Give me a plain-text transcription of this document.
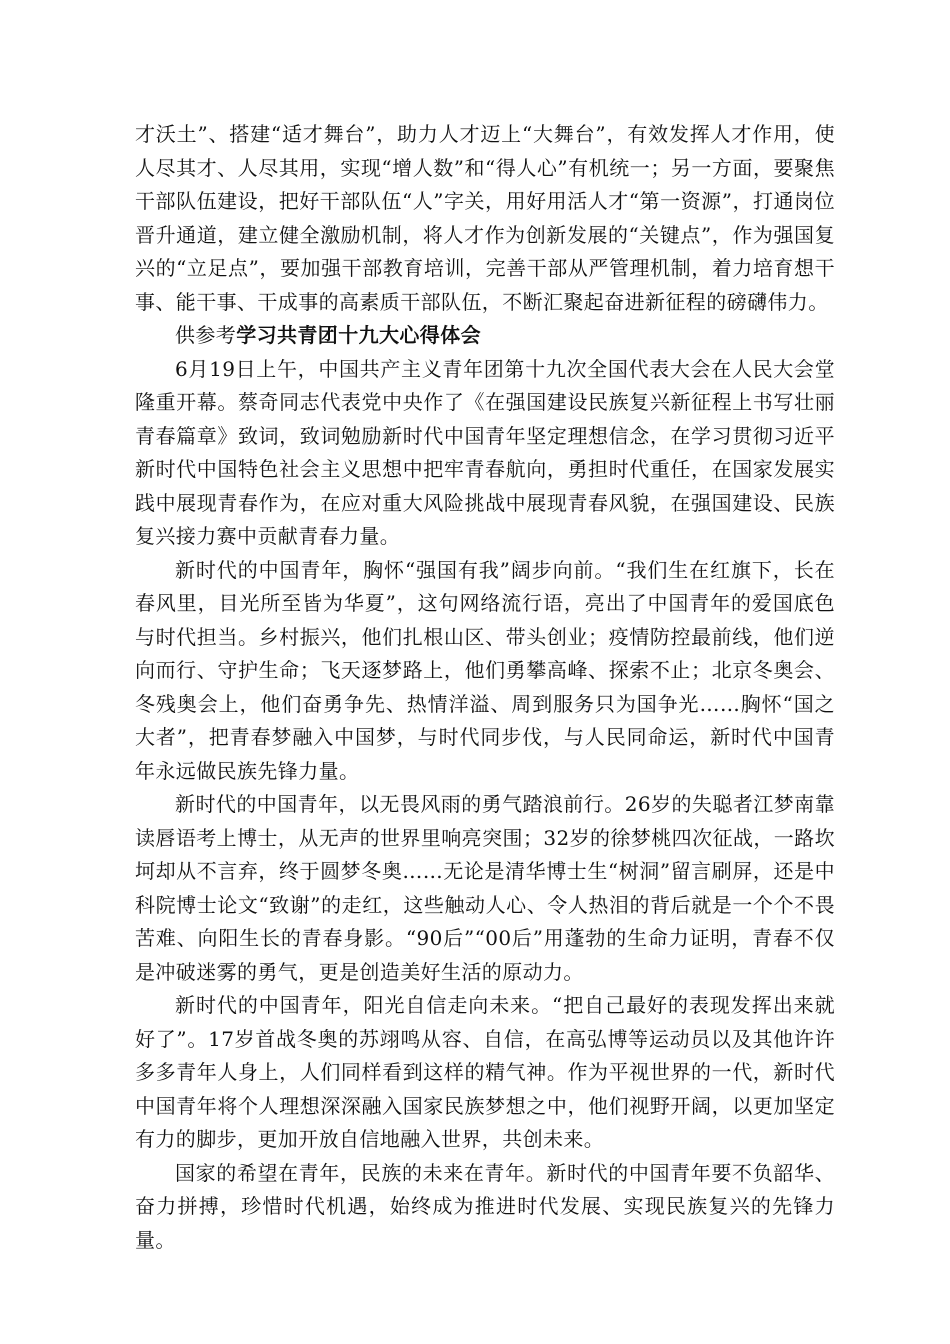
才沃土”、搭建“适才舞台”，助力人才迈上“大舞台”，有效发挥人才作用，使人尽其才、人尽其用，实现“增人数”和“得人心”有机统一；另一方面，要聚焦干部队伍建设，把好干部队伍“人”字关，用好用活人才“第一资源”，打通岗位晋升通道，建立健全激励机制，将人才作为创新发展的“关键点”，作为强国复兴的“立足点”，要加强干部教育培训，完善干部从严管理机制，着力培育想干事、能干事、干成事的高素质干部队伍，不断汇聚起奋进新征程的磅礴伟力。

供参考学习共青团十九大心得体会

6月19日上午，中国共产主义青年团第十九次全国代表大会在人民大会堂隆重开幕。蔡奇同志代表党中央作了《在强国建设民族复兴新征程上书写壮丽青春篇章》致词，致词勉励新时代中国青年坚定理想信念，在学习贯彻习近平新时代中国特色社会主义思想中把牢青春航向，勇担时代重任，在国家发展实践中展现青春作为，在应对重大风险挑战中展现青春风貌，在强国建设、民族复兴接力赛中贡献青春力量。

新时代的中国青年，胸怀“强国有我”阔步向前。“我们生在红旗下，长在春风里，目光所至皆为华夏”，这句网络流行语，亮出了中国青年的爱国底色与时代担当。乡村振兴，他们扎根山区、带头创业；疫情防控最前线，他们逆向而行、守护生命；飞天逐梦路上，他们勇攀高峰、探索不止；北京冬奥会、冬残奥会上，他们奋勇争先、热情洋溢、周到服务只为国争光……胸怀“国之大者”，把青春梦融入中国梦，与时代同步伐，与人民同命运，新时代中国青年永远做民族先锋力量。

新时代的中国青年，以无畏风雨的勇气踏浪前行。26岁的失聪者江梦南靠读唇语考上博士，从无声的世界里响亮突围；32岁的徐梦桃四次征战，一路坎坷却从不言弃，终于圆梦冬奥……无论是清华博士生“树洞”留言刷屏，还是中科院博士论文“致谢”的走红，这些触动人心、令人热泪的背后就是一个个不畏苦难、向阳生长的青春身影。“90后”“00后”用蓬勃的生命力证明，青春不仅是冲破迷雾的勇气，更是创造美好生活的原动力。

新时代的中国青年，阳光自信走向未来。“把自己最好的表现发挥出来就好了”。17岁首战冬奥的苏翊鸣从容、自信，在高弘博等运动员以及其他许许多多青年人身上，人们同样看到这样的精气神。作为平视世界的一代，新时代中国青年将个人理想深深融入国家民族梦想之中，他们视野开阔，以更加坚定有力的脚步，更加开放自信地融入世界，共创未来。

国家的希望在青年，民族的未来在青年。新时代的中国青年要不负韶华、奋力拼搏，珍惜时代机遇，始终成为推进时代发展、实现民族复兴的先锋力量。
